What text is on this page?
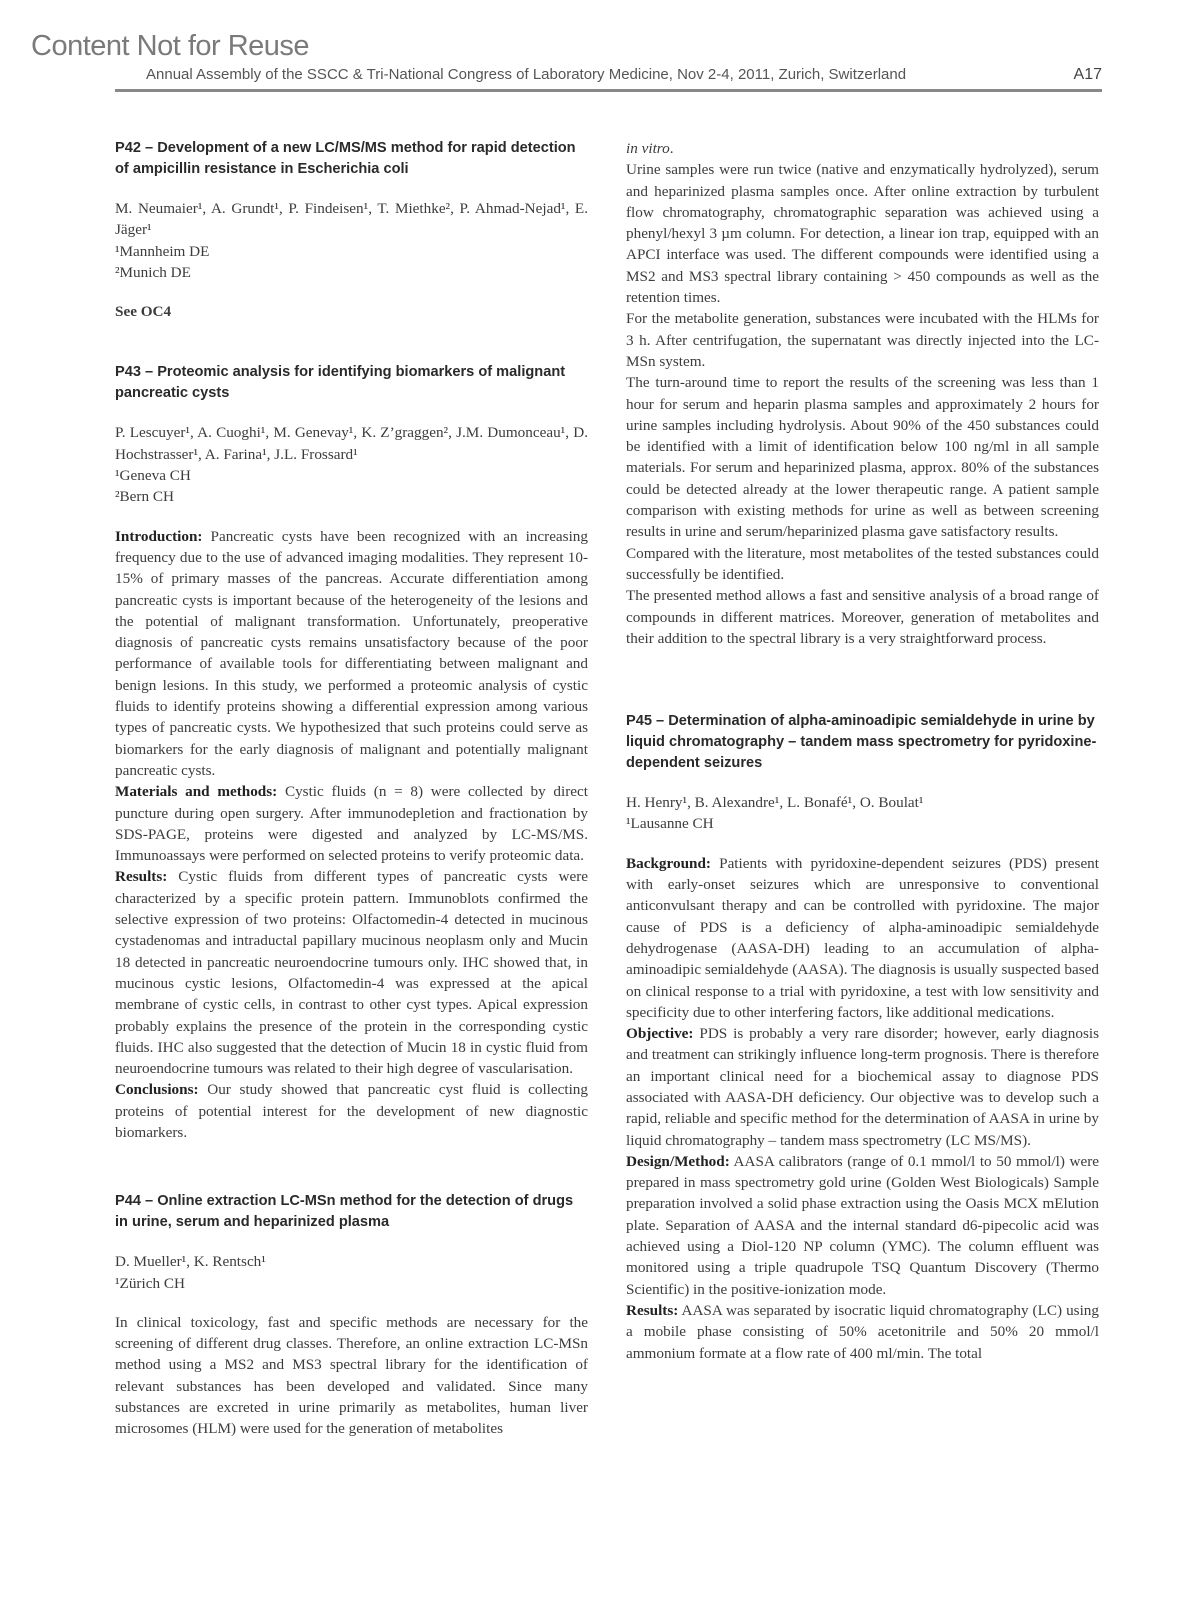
Content Not for Reuse
Annual Assembly of the SSCC & Tri-National Congress of Laboratory Medicine, Nov 2-4, 2011, Zurich, Switzerland	A17
P42 – Development of a new LC/MS/MS method for rapid detection of ampicillin resistance in Escherichia coli

M. Neumaier¹, A. Grundt¹, P. Findeisen¹, T. Miethke², P. Ahmad-Nejad¹, E. Jäger¹

¹Mannheim DE

²Munich DE

See OC4

P43 – Proteomic analysis for identifying biomarkers of malignant pancreatic cysts

P. Lescuyer¹, A. Cuoghi¹, M. Genevay¹, K. Z’graggen², J.M. Dumonceau¹, D. Hochstrasser¹, A. Farina¹, J.L. Frossard¹

¹Geneva CH

²Bern CH

Introduction: Pancreatic cysts have been recognized with an increasing frequency due to the use of advanced imaging modalities. They represent 10-15% of primary masses of the pancreas. Accurate differentiation among pancreatic cysts is important because of the heterogeneity of the lesions and the potential of malignant transformation. Unfortunately, preoperative diagnosis of pancreatic cysts remains unsatisfactory because of the poor performance of available tools for differentiating between malignant and benign lesions. In this study, we performed a proteomic analysis of cystic fluids to identify proteins showing a differential expression among various types of pancreatic cysts. We hypothesized that such proteins could serve as biomarkers for the early diagnosis of malignant and potentially malignant pancreatic cysts.

Materials and methods: Cystic fluids (n = 8) were collected by direct puncture during open surgery. After immunodepletion and fractionation by SDS-PAGE, proteins were digested and analyzed by LC-MS/MS. Immunoassays were performed on selected proteins to verify proteomic data.

Results: Cystic fluids from different types of pancreatic cysts were characterized by a specific protein pattern. Immunoblots confirmed the selective expression of two proteins: Olfactomedin-4 detected in mucinous cystadenomas and intraductal papillary mucinous neoplasm only and Mucin 18 detected in pancreatic neuroendocrine tumours only. IHC showed that, in mucinous cystic lesions, Olfactomedin-4 was expressed at the apical membrane of cystic cells, in contrast to other cyst types. Apical expression probably explains the presence of the protein in the corresponding cystic fluids. IHC also suggested that the detection of Mucin 18 in cystic fluid from neuroendocrine tumours was related to their high degree of vascularisation.

Conclusions: Our study showed that pancreatic cyst fluid is collecting proteins of potential interest for the development of new diagnostic biomarkers.

P44 – Online extraction LC-MSn method for the detection of drugs in urine, serum and heparinized plasma

D. Mueller¹, K. Rentsch¹

¹Zürich CH

In clinical toxicology, fast and specific methods are necessary for the screening of different drug classes. Therefore, an online extraction LC-MSn method using a MS2 and MS3 spectral library for the identification of relevant substances has been developed and validated. Since many substances are excreted in urine primarily as metabolites, human liver microsomes (HLM) were used for the generation of metabolites

in vitro.

Urine samples were run twice (native and enzymatically hydrolyzed), serum and heparinized plasma samples once. After online extraction by turbulent flow chromatography, chromatographic separation was achieved using a phenyl/hexyl 3 µm column. For detection, a linear ion trap, equipped with an APCI interface was used. The different compounds were identified using a MS2 and MS3 spectral library containing > 450 compounds as well as the retention times.

For the metabolite generation, substances were incubated with the HLMs for 3 h. After centrifugation, the supernatant was directly injected into the LC-MSn system.

The turn-around time to report the results of the screening was less than 1 hour for serum and heparin plasma samples and approximately 2 hours for urine samples including hydrolysis. About 90% of the 450 substances could be identified with a limit of identification below 100 ng/ml in all sample materials. For serum and heparinized plasma, approx. 80% of the substances could be detected already at the lower therapeutic range. A patient sample comparison with existing methods for urine as well as between screening results in urine and serum/heparinized plasma gave satisfactory results.

Compared with the literature, most metabolites of the tested substances could successfully be identified.

The presented method allows a fast and sensitive analysis of a broad range of compounds in different matrices. Moreover, generation of metabolites and their addition to the spectral library is a very straightforward process.

P45 – Determination of alpha-aminoadipic semialdehyde in urine by liquid chromatography – tandem mass spectrometry for pyridoxine-dependent seizures

H. Henry¹, B. Alexandre¹, L. Bonafé¹, O. Boulat¹

¹Lausanne CH

Background: Patients with pyridoxine-dependent seizures (PDS) present with early-onset seizures which are unresponsive to conventional anticonvulsant therapy and can be controlled with pyridoxine. The major cause of PDS is a deficiency of alpha-aminoadipic semialdehyde dehydrogenase (AASA-DH) leading to an accumulation of alpha-aminoadipic semialdehyde (AASA). The diagnosis is usually suspected based on clinical response to a trial with pyridoxine, a test with low sensitivity and specificity due to other interfering factors, like additional medications.

Objective: PDS is probably a very rare disorder; however, early diagnosis and treatment can strikingly influence long-term prognosis. There is therefore an important clinical need for a biochemical assay to diagnose PDS associated with AASA-DH deficiency. Our objective was to develop such a rapid, reliable and specific method for the determination of AASA in urine by liquid chromatography – tandem mass spectrometry (LC MS/MS).

Design/Method: AASA calibrators (range of 0.1 mmol/l to 50 mmol/l) were prepared in mass spectrometry gold urine (Golden West Biologicals) Sample preparation involved a solid phase extraction using the Oasis MCX mElution plate. Separation of AASA and the internal standard d6-pipecolic acid was achieved using a Diol-120 NP column (YMC). The column effluent was monitored using a triple quadrupole TSQ Quantum Discovery (Thermo Scientific) in the positive-ionization mode.

Results: AASA was separated by isocratic liquid chromatography (LC) using a mobile phase consisting of 50% acetonitrile and 50% 20 mmol/l ammonium formate at a flow rate of 400 ml/min. The total
